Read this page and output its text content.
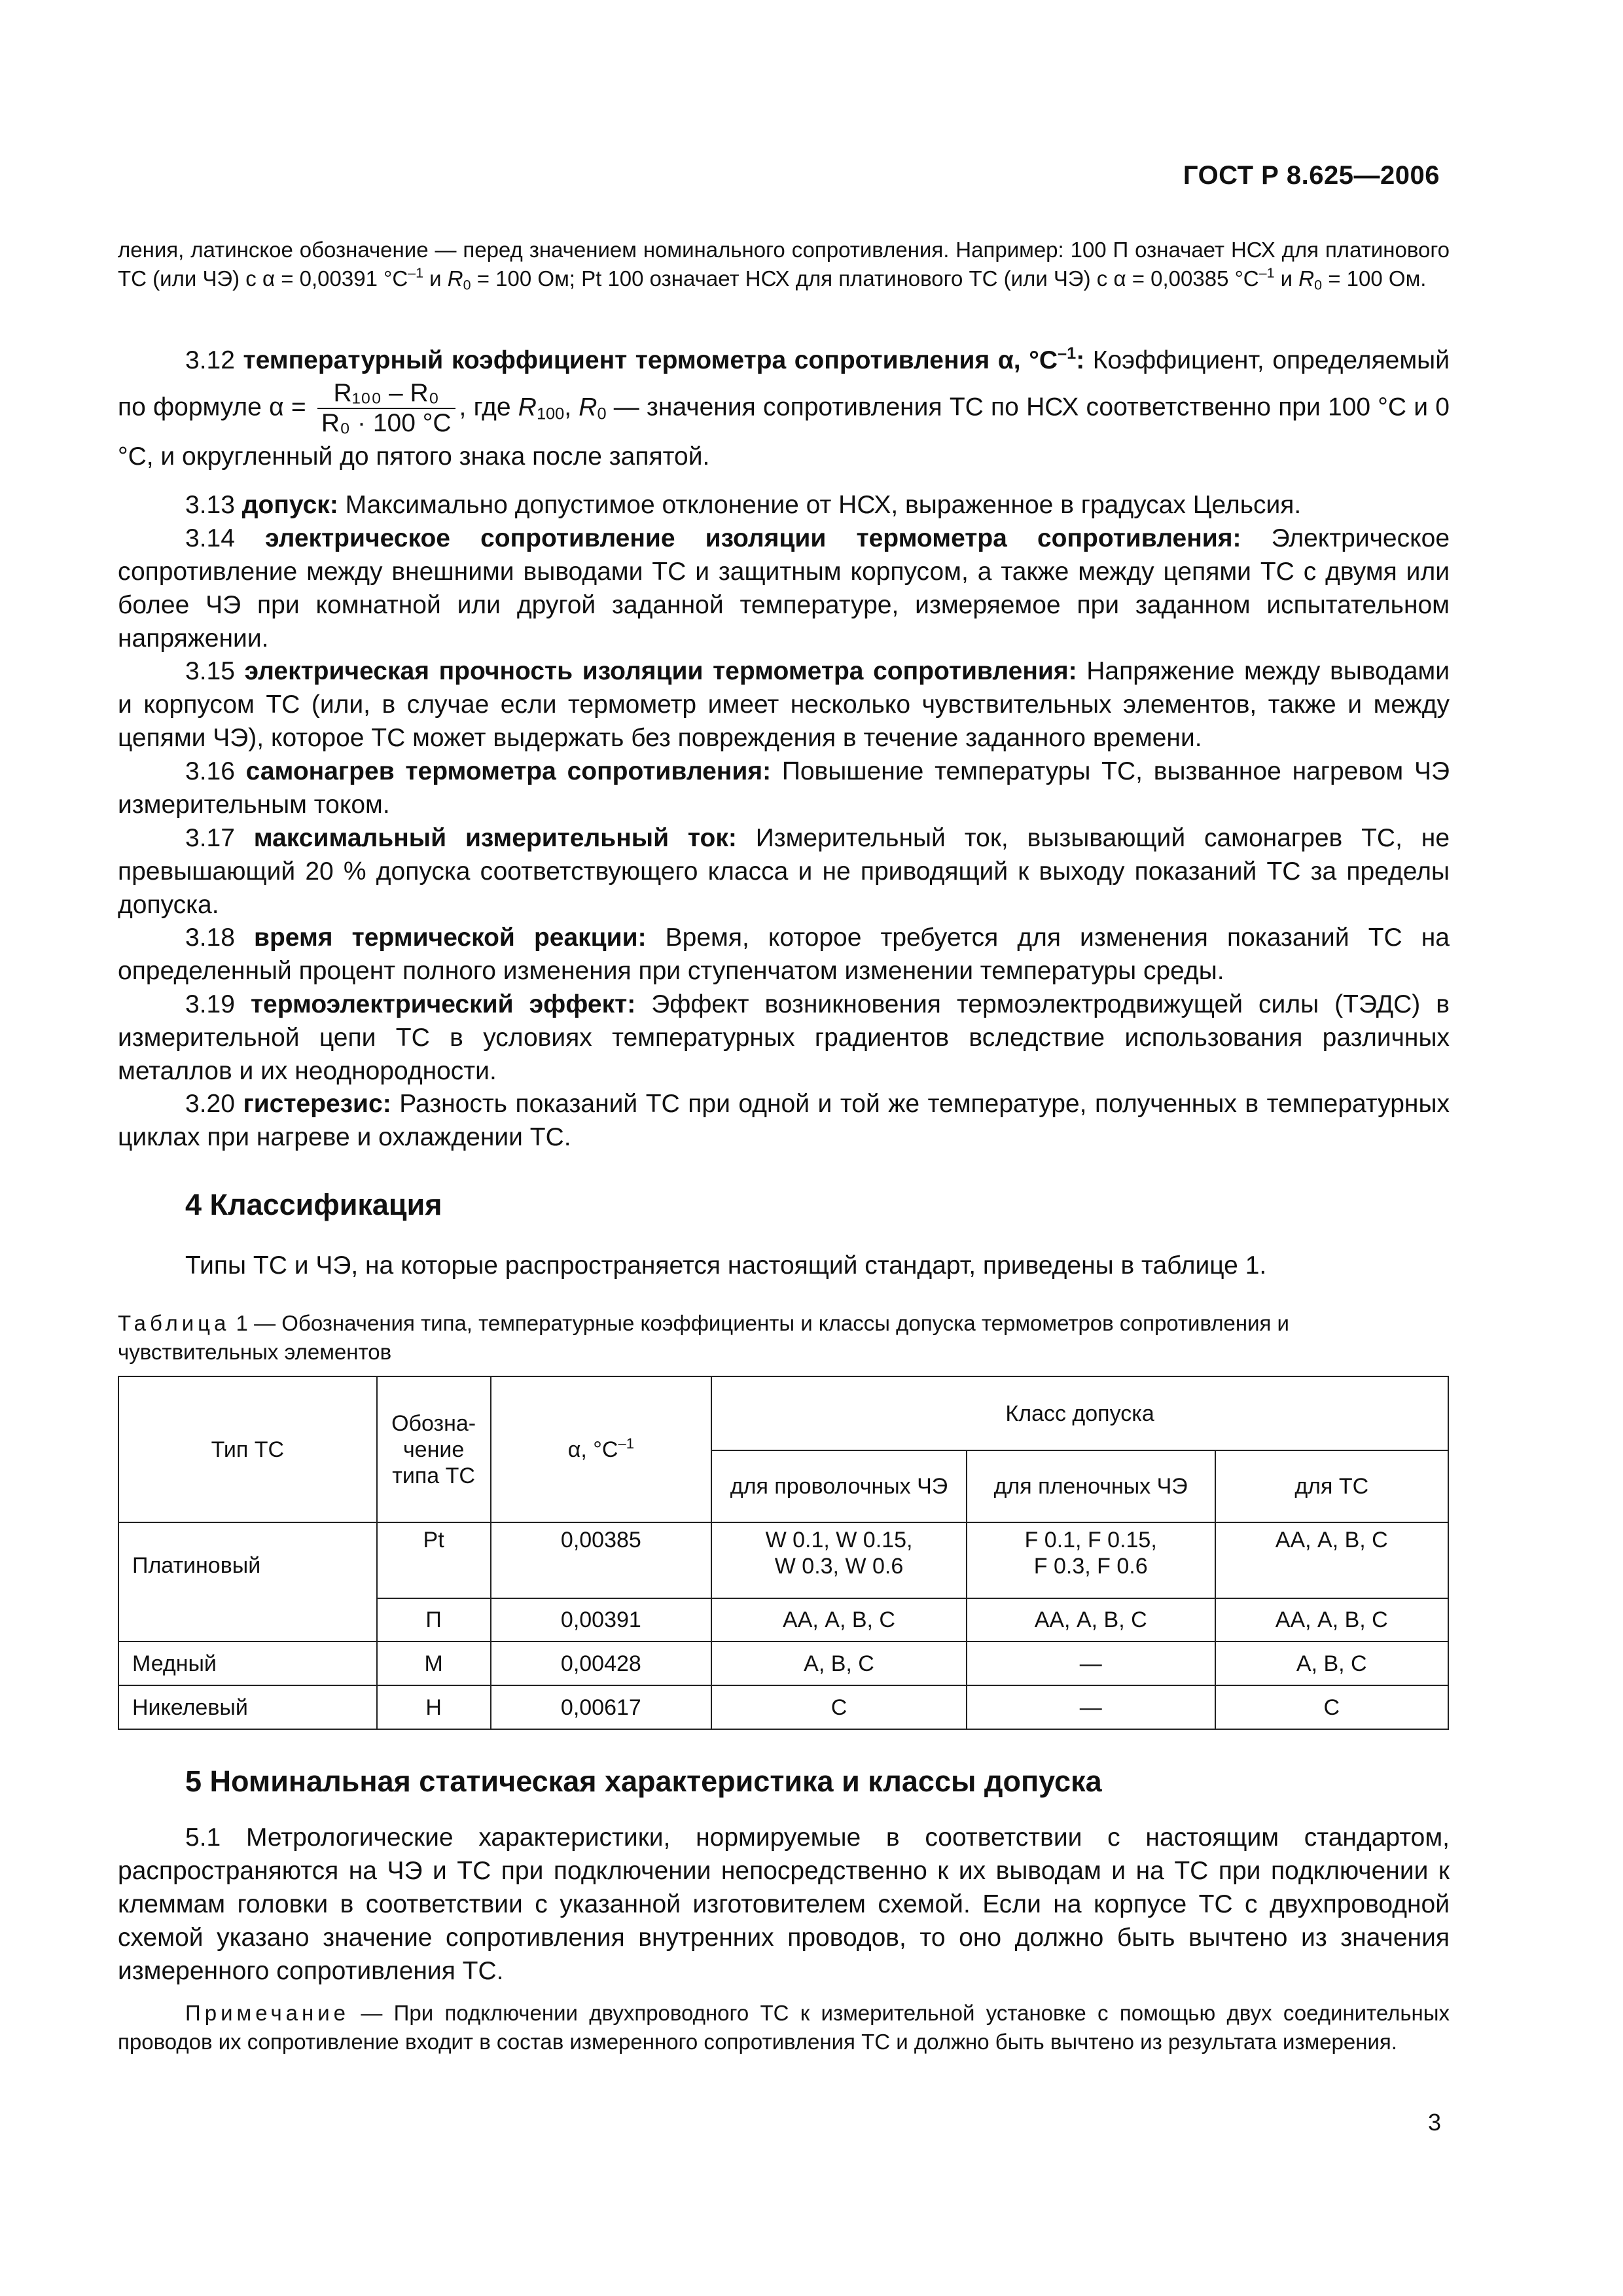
ГОСТ Р 8.625—2006
ления, латинское обозначение — перед значением номинального сопротивления. Например: 100 П означает НСХ для платинового ТС (или ЧЭ) с α = 0,00391 $^\circ С^{-1}$ и $R_0 = 100$ Ом; Pt 100 означает НСХ для платинового ТС (или ЧЭ) с α = 0,00385 $^\circ С^{-1}$ и $R_0 = 100$ Ом.
3.12 температурный коэффициент термометра сопротивления α, $^\circ С^{-1}$: Коэффициент, определяемый по формуле $\alpha = \frac{\text{R₁₀₀ – R₀}}{\text{R₀ · 100 °С}}$ , где $R_{100}$, $R_0$ — значения сопротивления ТС по НСХ соответственно при 100 °С и 0 °С, и округленный до пятого знака после запятой.
3.13 допуск: Максимально допустимое отклонение от НСХ, выраженное в градусах Цельсия.
3.14 электрическое сопротивление изоляции термометра сопротивления: Электрическое сопротивление между внешними выводами ТС и защитным корпусом, а также между цепями ТС с двумя или более ЧЭ при комнатной или другой заданной температуре, измеряемое при заданном испытательном напряжении.
3.15 электрическая прочность изоляции термометра сопротивления: Напряжение между выводами и корпусом ТС (или, в случае если термометр имеет несколько чувствительных элементов, также и между цепями ЧЭ), которое ТС может выдержать без повреждения в течение заданного времени.
3.16 самонагрев термометра сопротивления: Повышение температуры ТС, вызванное нагревом ЧЭ измерительным током.
3.17 максимальный измерительный ток: Измерительный ток, вызывающий самонагрев ТС, не превышающий 20 % допуска соответствующего класса и не приводящий к выходу показаний ТС за пределы допуска.
3.18 время термической реакции: Время, которое требуется для изменения показаний ТС на определенный процент полного изменения при ступенчатом изменении температуры среды.
3.19 термоэлектрический эффект: Эффект возникновения термоэлектродвижущей силы (ТЭДС) в измерительной цепи ТС в условиях температурных градиентов вследствие использования различных металлов и их неоднородности.
3.20 гистерезис: Разность показаний ТС при одной и той же температуре, полученных в температурных циклах при нагреве и охлаждении ТС.
4 Классификация
Типы ТС и ЧЭ, на которые распространяется настоящий стандарт, приведены в таблице 1.
Таблица 1 — Обозначения типа, температурные коэффициенты и классы допуска термометров сопротивления и чувствительных элементов
Тип ТС	Обозна-чение типа ТС	α, $^\circ С^{-1}$	Класс допуска		
			для проволочных ЧЭ	для пленочных ЧЭ	для ТС
Платиновый	Pt	0,00385	W 0.1, W 0.15, W 0.3, W 0.6	F 0.1, F 0.15, F 0.3, F 0.6	АА, А, В, С
	П	0,00391	АА, А, В, С	АА, А, В, С	АА, А, В, С
Медный	М	0,00428	А, В, С	—	А, В, С
Никелевый	Н	0,00617	С	—	С
5 Номинальная статическая характеристика и классы допуска
5.1 Метрологические характеристики, нормируемые в соответствии с настоящим стандартом, распространяются на ЧЭ и ТС при подключении непосредственно к их выводам и на ТС при подключении к клеммам головки в соответствии с указанной изготовителем схемой. Если на корпусе ТС с двухпроводной схемой указано значение сопротивления внутренних проводов, то оно должно быть вычтено из значения измеренного сопротивления ТС.
Примечание — При подключении двухпроводного ТС к измерительной установке с помощью двух соединительных проводов их сопротивление входит в состав измеренного сопротивления ТС и должно быть вычтено из результата измерения.
3
